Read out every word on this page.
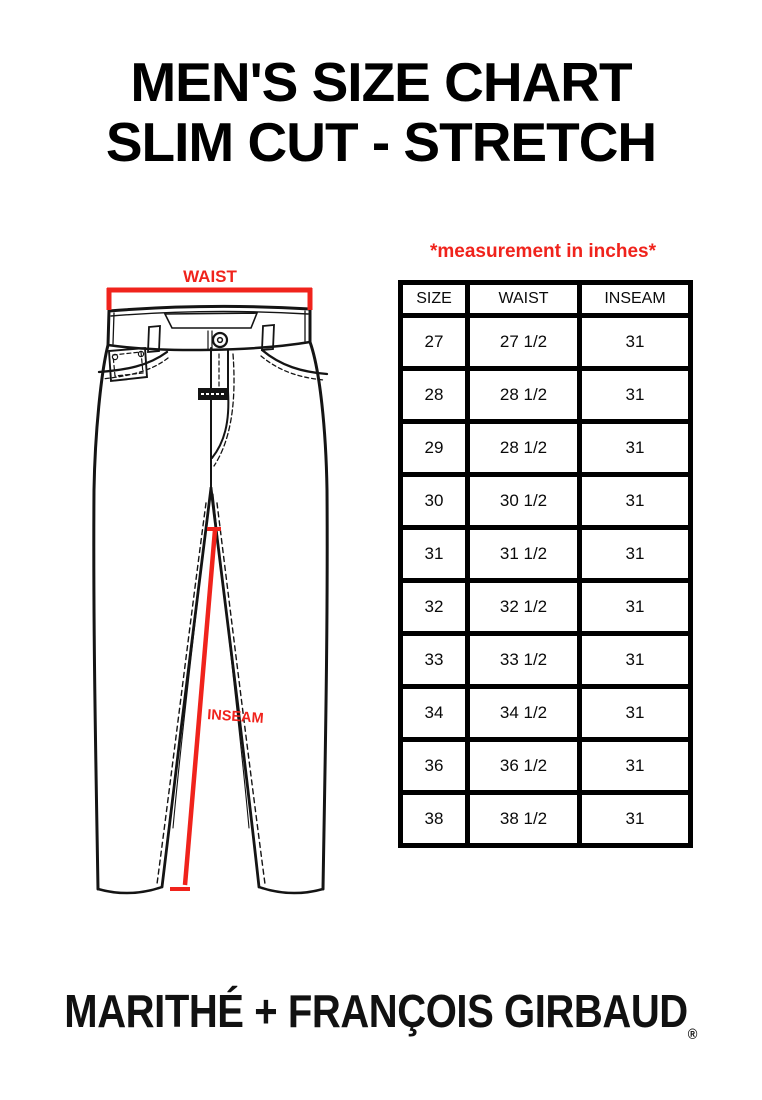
MEN'S SIZE CHART
SLIM CUT - STRETCH
*measurement in inches*
WAIST
INSEAM
SIZE	WAIST	INSEAM
27	27 1/2	31
28	28 1/2	31
29	28 1/2	31
30	30 1/2	31
31	31 1/2	31
32	32 1/2	31
33	33 1/2	31
34	34 1/2	31
36	36 1/2	31
38	38 1/2	31
MARITHÉ + FRANÇOIS $GIRBAUD_®$
